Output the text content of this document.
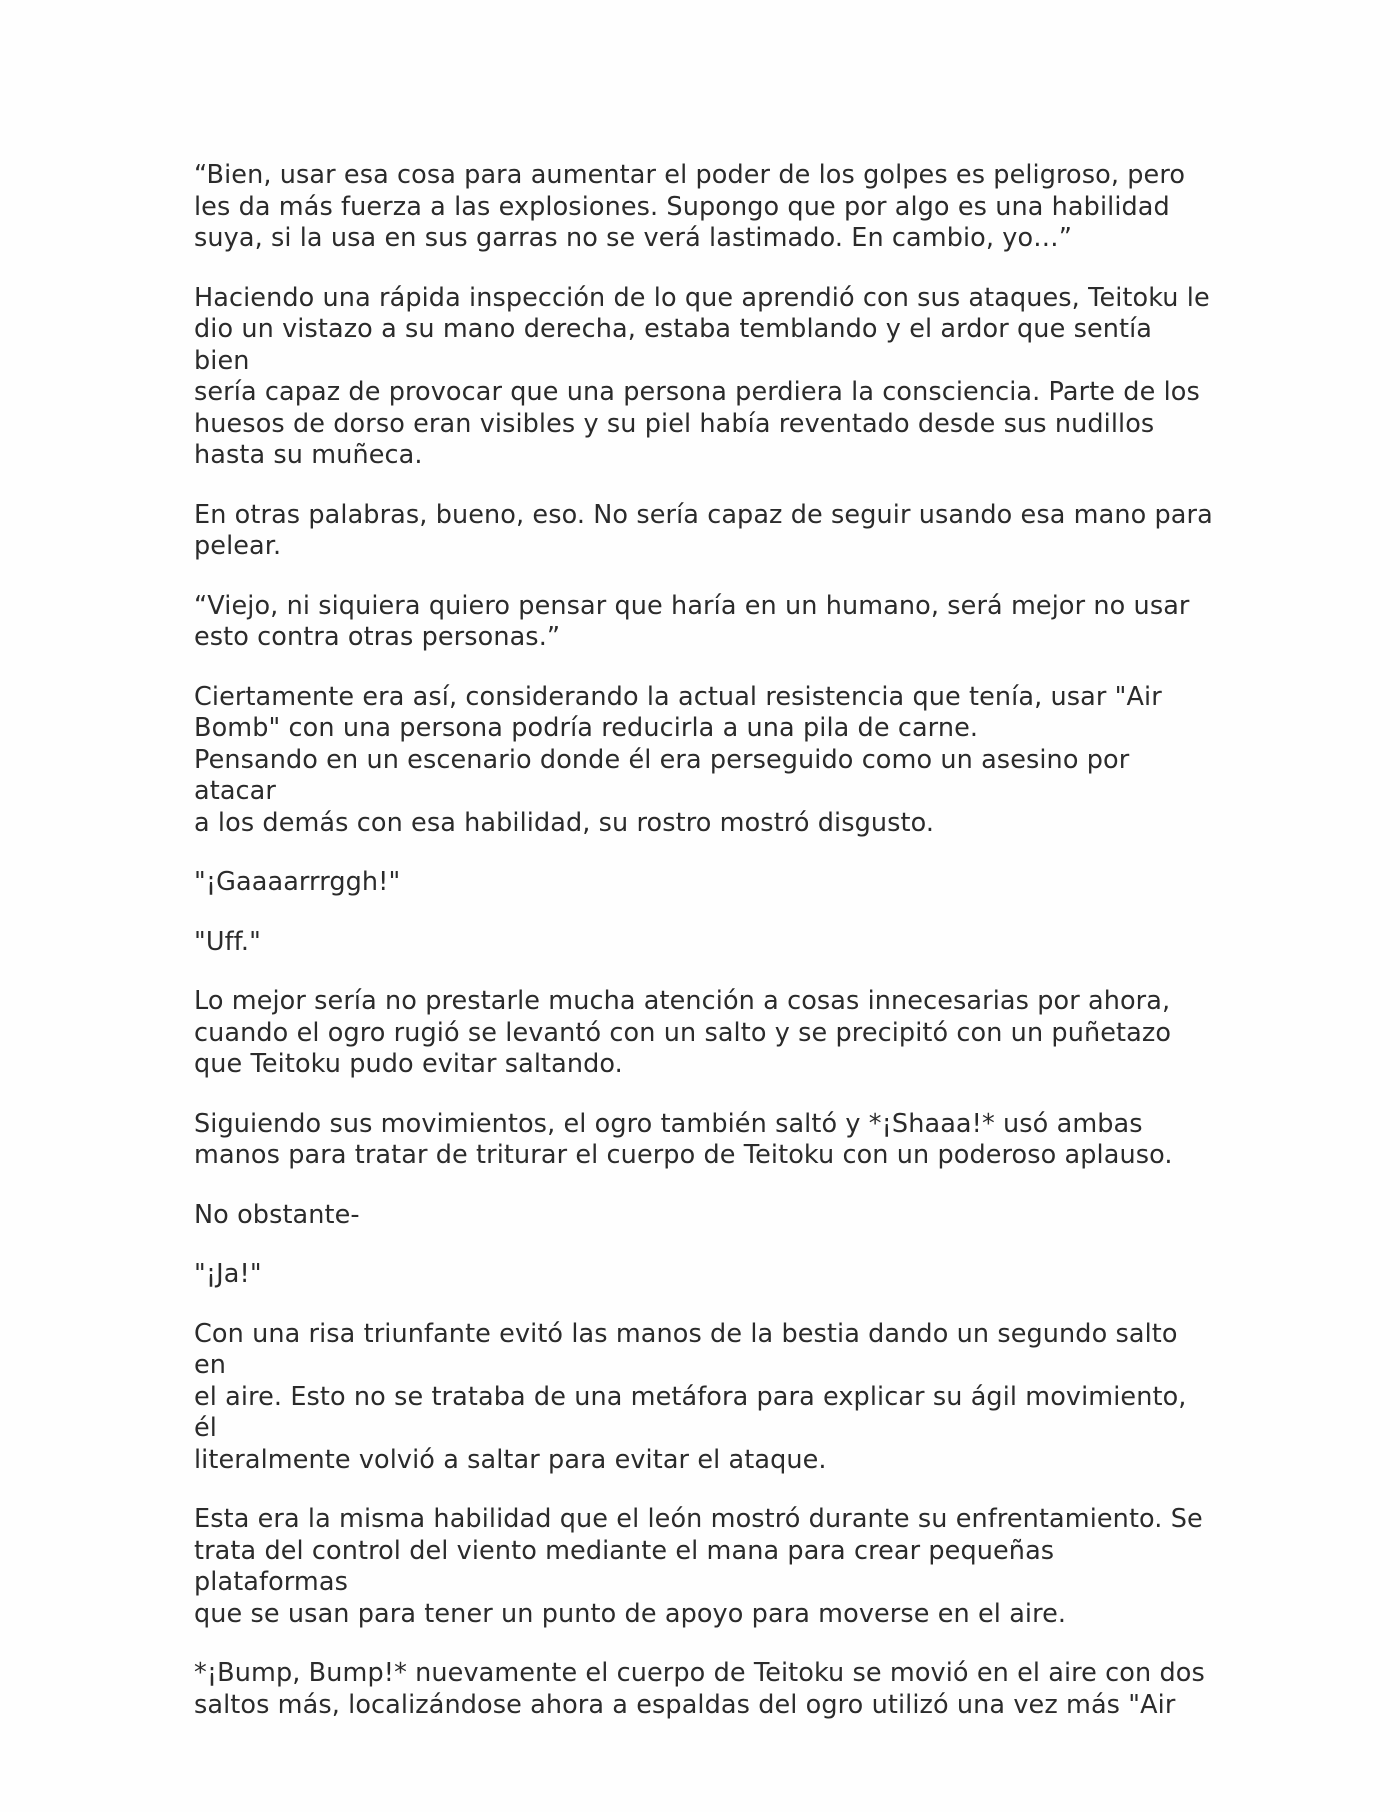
“Bien, usar esa cosa para aumentar el poder de los golpes es peligroso, pero
les da más fuerza a las explosiones. Supongo que por algo es una habilidad
suya, si la usa en sus garras no se verá lastimado. En cambio, yo…”

Haciendo una rápida inspección de lo que aprendió con sus ataques, Teitoku le
dio un vistazo a su mano derecha, estaba temblando y el ardor que sentía bien
sería capaz de provocar que una persona perdiera la consciencia. Parte de los
huesos de dorso eran visibles y su piel había reventado desde sus nudillos
hasta su muñeca.

En otras palabras, bueno, eso. No sería capaz de seguir usando esa mano para
pelear.

“Viejo, ni siquiera quiero pensar que haría en un humano, será mejor no usar
esto contra otras personas.”

Ciertamente era así, considerando la actual resistencia que tenía, usar "Air
Bomb" con una persona podría reducirla a una pila de carne.
Pensando en un escenario donde él era perseguido como un asesino por atacar
a los demás con esa habilidad, su rostro mostró disgusto.

"¡Gaaaarrrggh!"

"Uff."

Lo mejor sería no prestarle mucha atención a cosas innecesarias por ahora,
cuando el ogro rugió se levantó con un salto y se precipitó con un puñetazo
que Teitoku pudo evitar saltando.

Siguiendo sus movimientos, el ogro también saltó y *¡Shaaa!* usó ambas
manos para tratar de triturar el cuerpo de Teitoku con un poderoso aplauso.

No obstante-

"¡Ja!"

Con una risa triunfante evitó las manos de la bestia dando un segundo salto en
el aire. Esto no se trataba de una metáfora para explicar su ágil movimiento, él
literalmente volvió a saltar para evitar el ataque.

Esta era la misma habilidad que el león mostró durante su enfrentamiento. Se
trata del control del viento mediante el mana para crear pequeñas plataformas
que se usan para tener un punto de apoyo para moverse en el aire.

*¡Bump, Bump!* nuevamente el cuerpo de Teitoku se movió en el aire con dos
saltos más, localizándose ahora a espaldas del ogro utilizó una vez más "Air
